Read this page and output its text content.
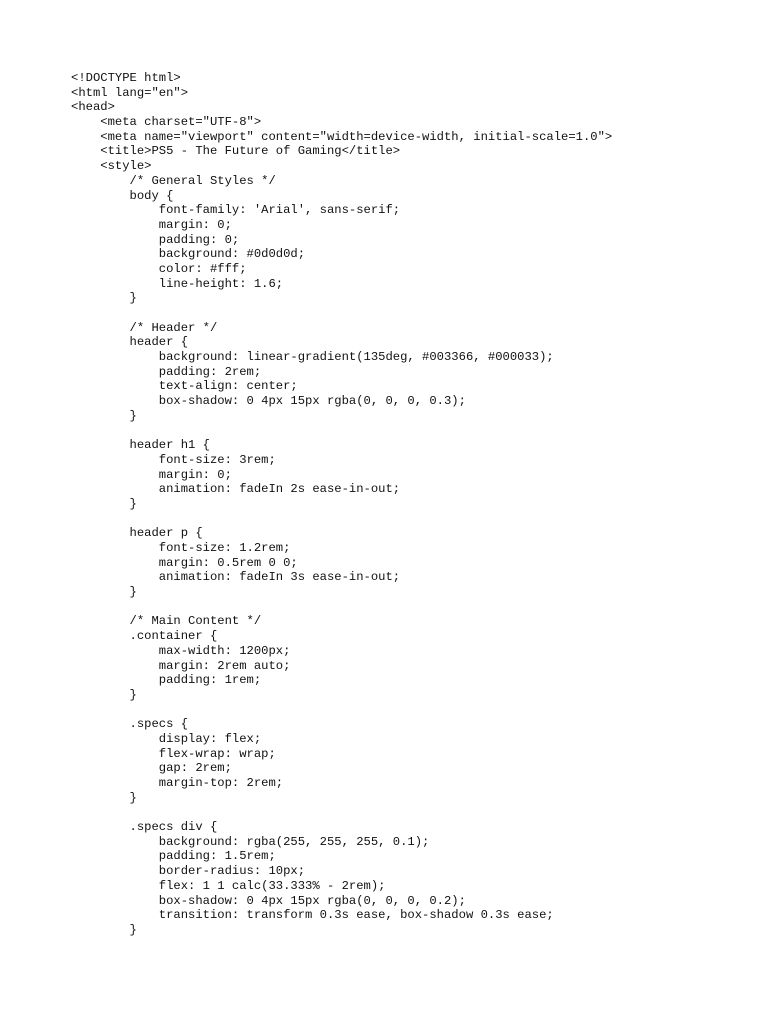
<!DOCTYPE html>
<html lang="en">
<head>
<meta charset="UTF-8">
<meta name="viewport" content="width=device-width, initial-scale=1.0">
<title>PS5 - The Future of Gaming</title>
<style>
/* General Styles */
body {
font-family: 'Arial', sans-serif;
margin: 0;
padding: 0;
background: #0d0d0d;
color: #fff;
line-height: 1.6;
}
/* Header */
header {
background: linear-gradient(135deg, #003366, #000033);
padding: 2rem;
text-align: center;
box-shadow: 0 4px 15px rgba(0, 0, 0, 0.3);
}
header h1 {
font-size: 3rem;
margin: 0;
animation: fadeIn 2s ease-in-out;
}
header p {
font-size: 1.2rem;
margin: 0.5rem 0 0;
animation: fadeIn 3s ease-in-out;
}
/* Main Content */
.container {
max-width: 1200px;
margin: 2rem auto;
padding: 1rem;
}
.specs {
display: flex;
flex-wrap: wrap;
gap: 2rem;
margin-top: 2rem;
}
.specs div {
background: rgba(255, 255, 255, 0.1);
padding: 1.5rem;
border-radius: 10px;
flex: 1 1 calc(33.333% - 2rem);
box-shadow: 0 4px 15px rgba(0, 0, 0, 0.2);
transition: transform 0.3s ease, box-shadow 0.3s ease;
}
